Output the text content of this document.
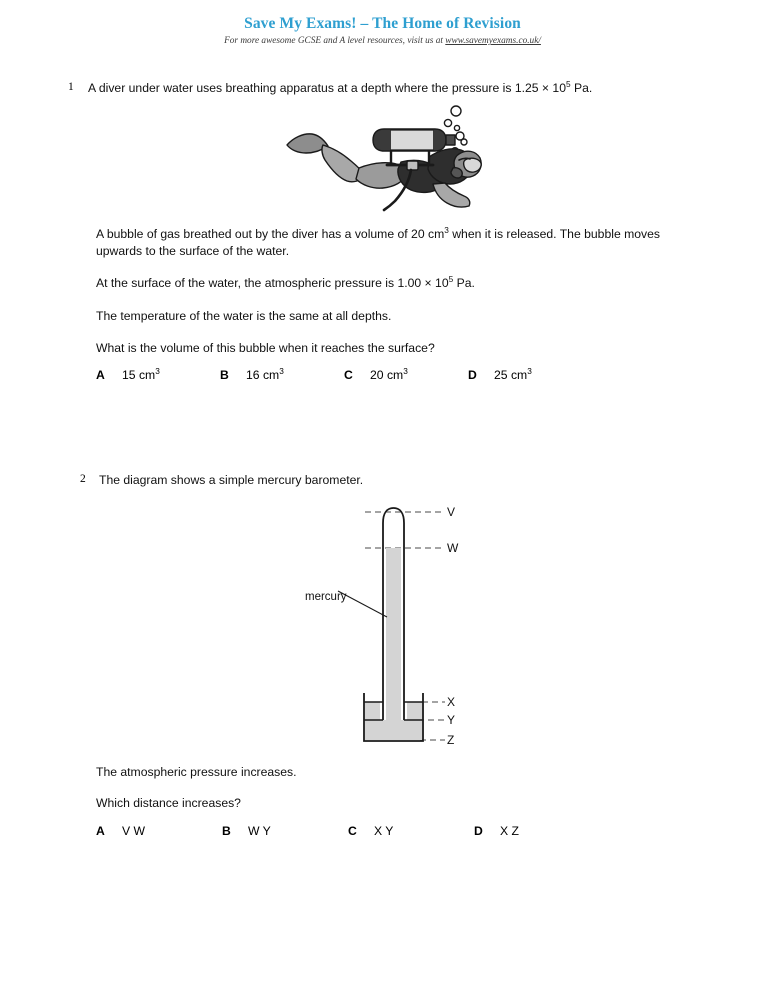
Save My Exams! – The Home of Revision
For more awesome GCSE and A level resources, visit us at www.savemyexams.co.uk/
1 A diver under water uses breathing apparatus at a depth where the pressure is $1.25 \times 10^5$ Pa.
A bubble of gas breathed out by the diver has a volume of 20 $cm^3$ when it is released. The bubble moves upwards to the surface of the water.
At the surface of the water, the atmospheric pressure is $1.00 \times 10^5$ Pa.
The temperature of the water is the same at all depths.
What is the volume of this bubble when it reaches the surface?
A	15 $cm^3$	B	16 $cm^3$	C	20 $cm^3$	D	25 $cm^3$
2 The diagram shows a simple mercury barometer.
mercury
V
W
X
Y
Z
The atmospheric pressure increases.
Which distance increases?
A	V W	B	W Y	C	X Y	D	X Z
